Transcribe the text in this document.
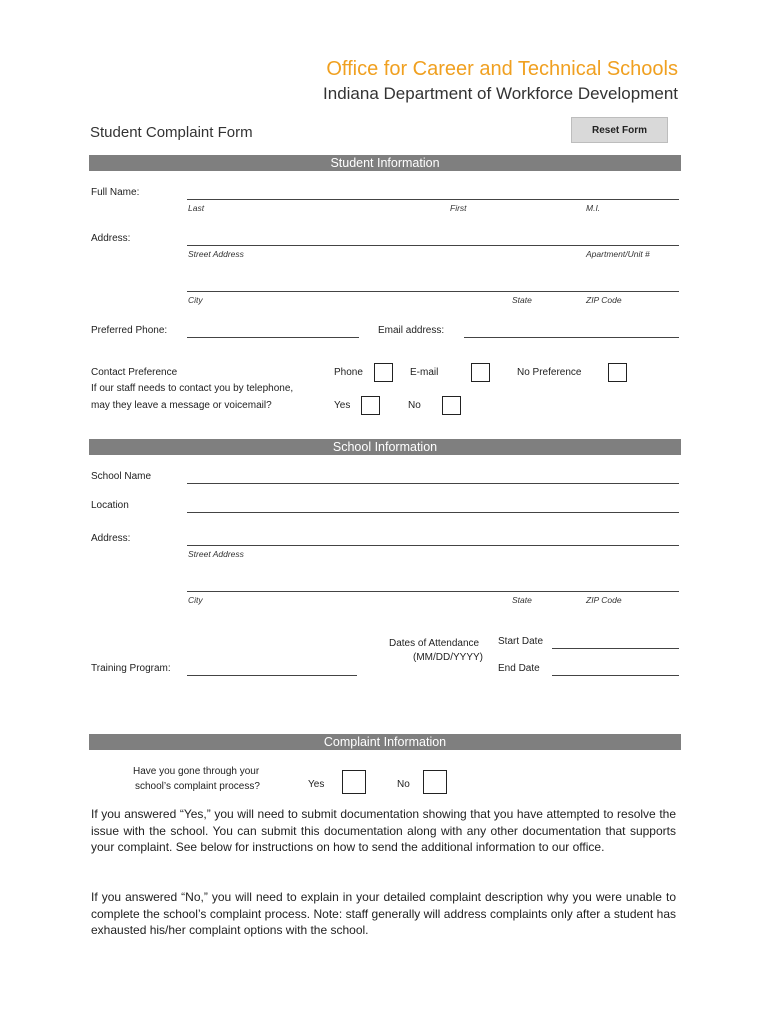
Office for Career and Technical Schools
Indiana Department of Workforce Development
Student Complaint Form	Reset Form
Student Information
Full Name:
Last	First	M.I.
Address:
Street Address	Apartment/Unit #
City	State	ZIP Code
Preferred Phone:	Email address:
Contact Preference
If our staff needs to contact you by telephone,
may they leave a message or voicemail?
Phone	E-mail	No Preference
Yes	No
School Information
School Name
Location
Address:
Street Address
City	State	ZIP Code
Dates of Attendance
(MM/DD/YYYY)
Start Date
End Date
Training Program:
Complaint Information
Have you gone through your
school’s complaint process?	Yes	No
If you answered “Yes,” you will need to submit documentation showing that you have attempted to resolve the issue with the school. You can submit this documentation along with any other documentation that supports your complaint. See below for instructions on how to send the additional information to our office.
If you answered “No,” you will need to explain in your detailed complaint description why you were unable to complete the school’s complaint process. Note: staff generally will address complaints only after a student has exhausted his/her complaint options with the school.
